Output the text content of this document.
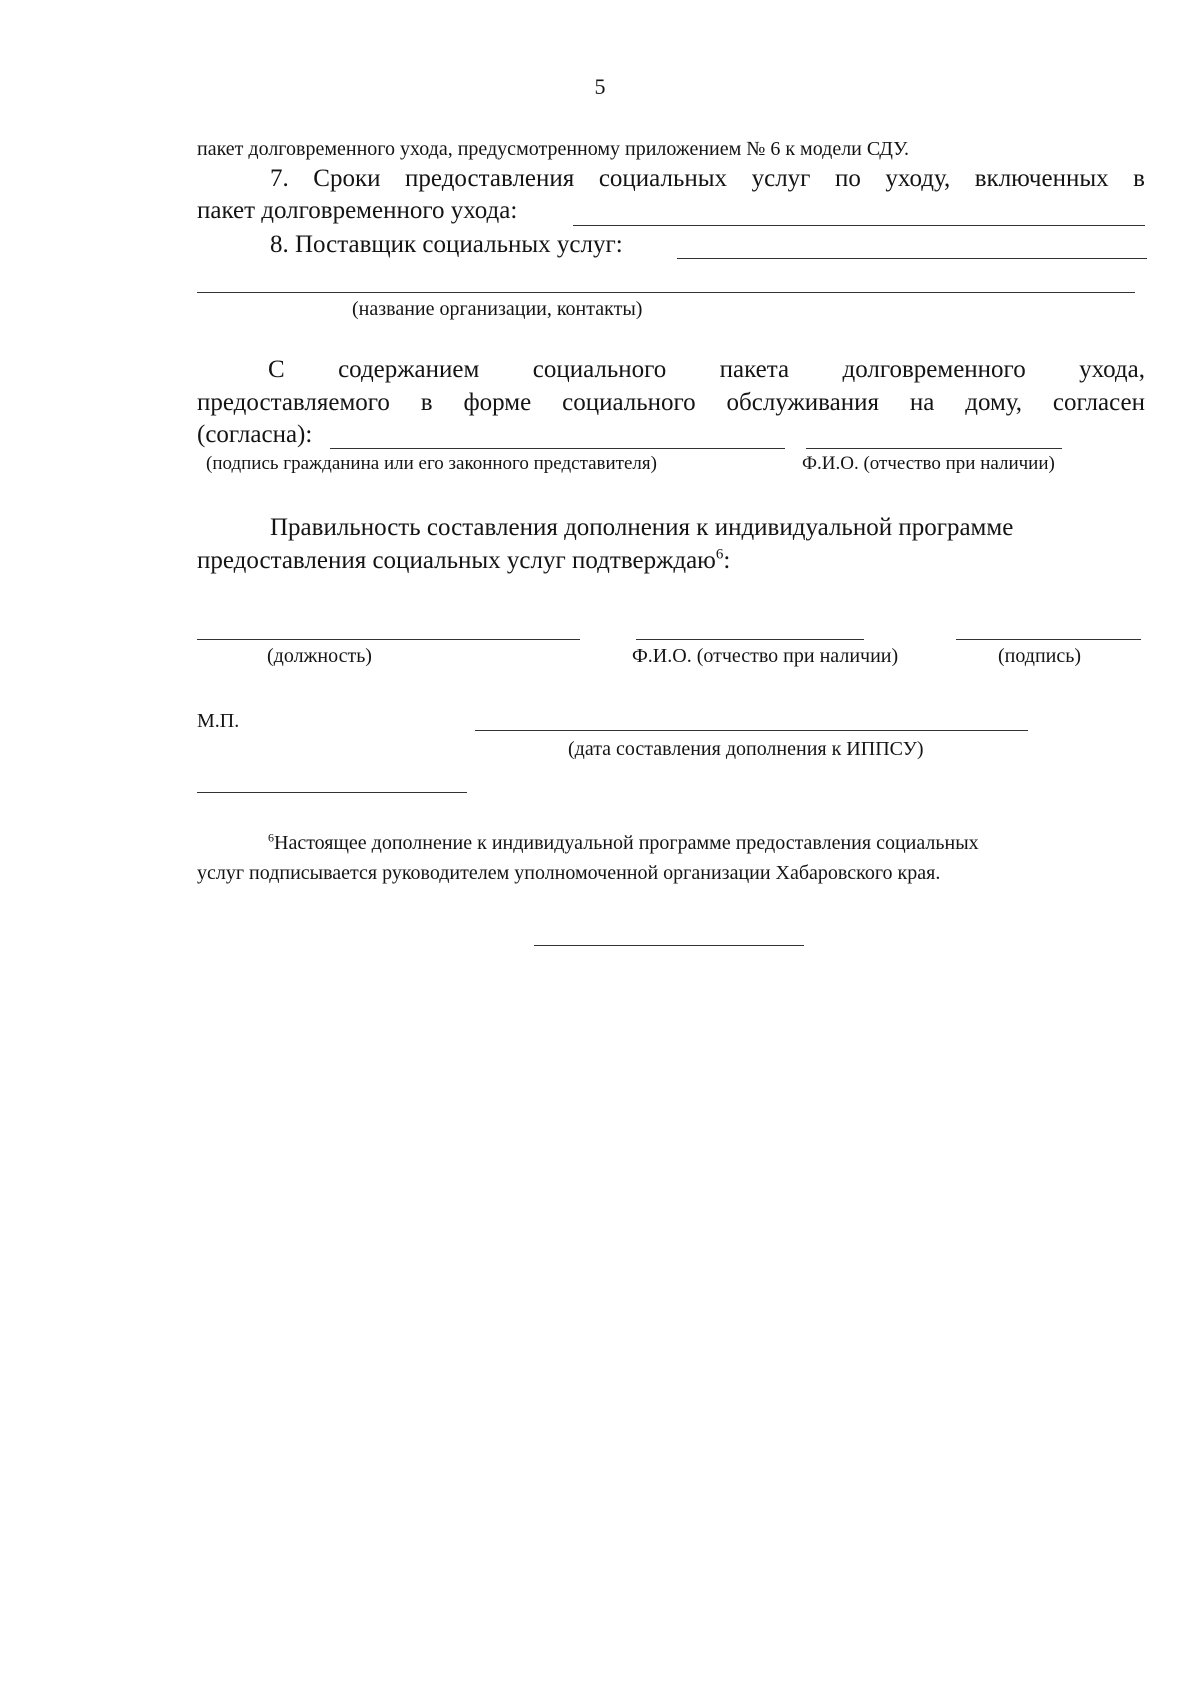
5
пакет долговременного ухода, предусмотренному приложением № 6 к модели СДУ.
7. Сроки предоставления социальных услуг по уходу, включенных в
пакет долговременного ухода:
8. Поставщик социальных услуг:
(название организации, контакты)
С содержанием социального пакета долговременного ухода,
предоставляемого в форме социального обслуживания на дому, согласен
(согласна):
(подпись гражданина или его законного представителя)	Ф.И.О. (отчество при наличии)
Правильность составления дополнения к индивидуальной программе
предоставления социальных услуг подтверждаю$^6$:
(должность)	Ф.И.О. (отчество при наличии)	(подпись)
М.П.
(дата составления дополнения к ИППСУ)
$^6$Настоящее дополнение к индивидуальной программе предоставления социальных
услуг подписывается руководителем уполномоченной организации Хабаровского края.
